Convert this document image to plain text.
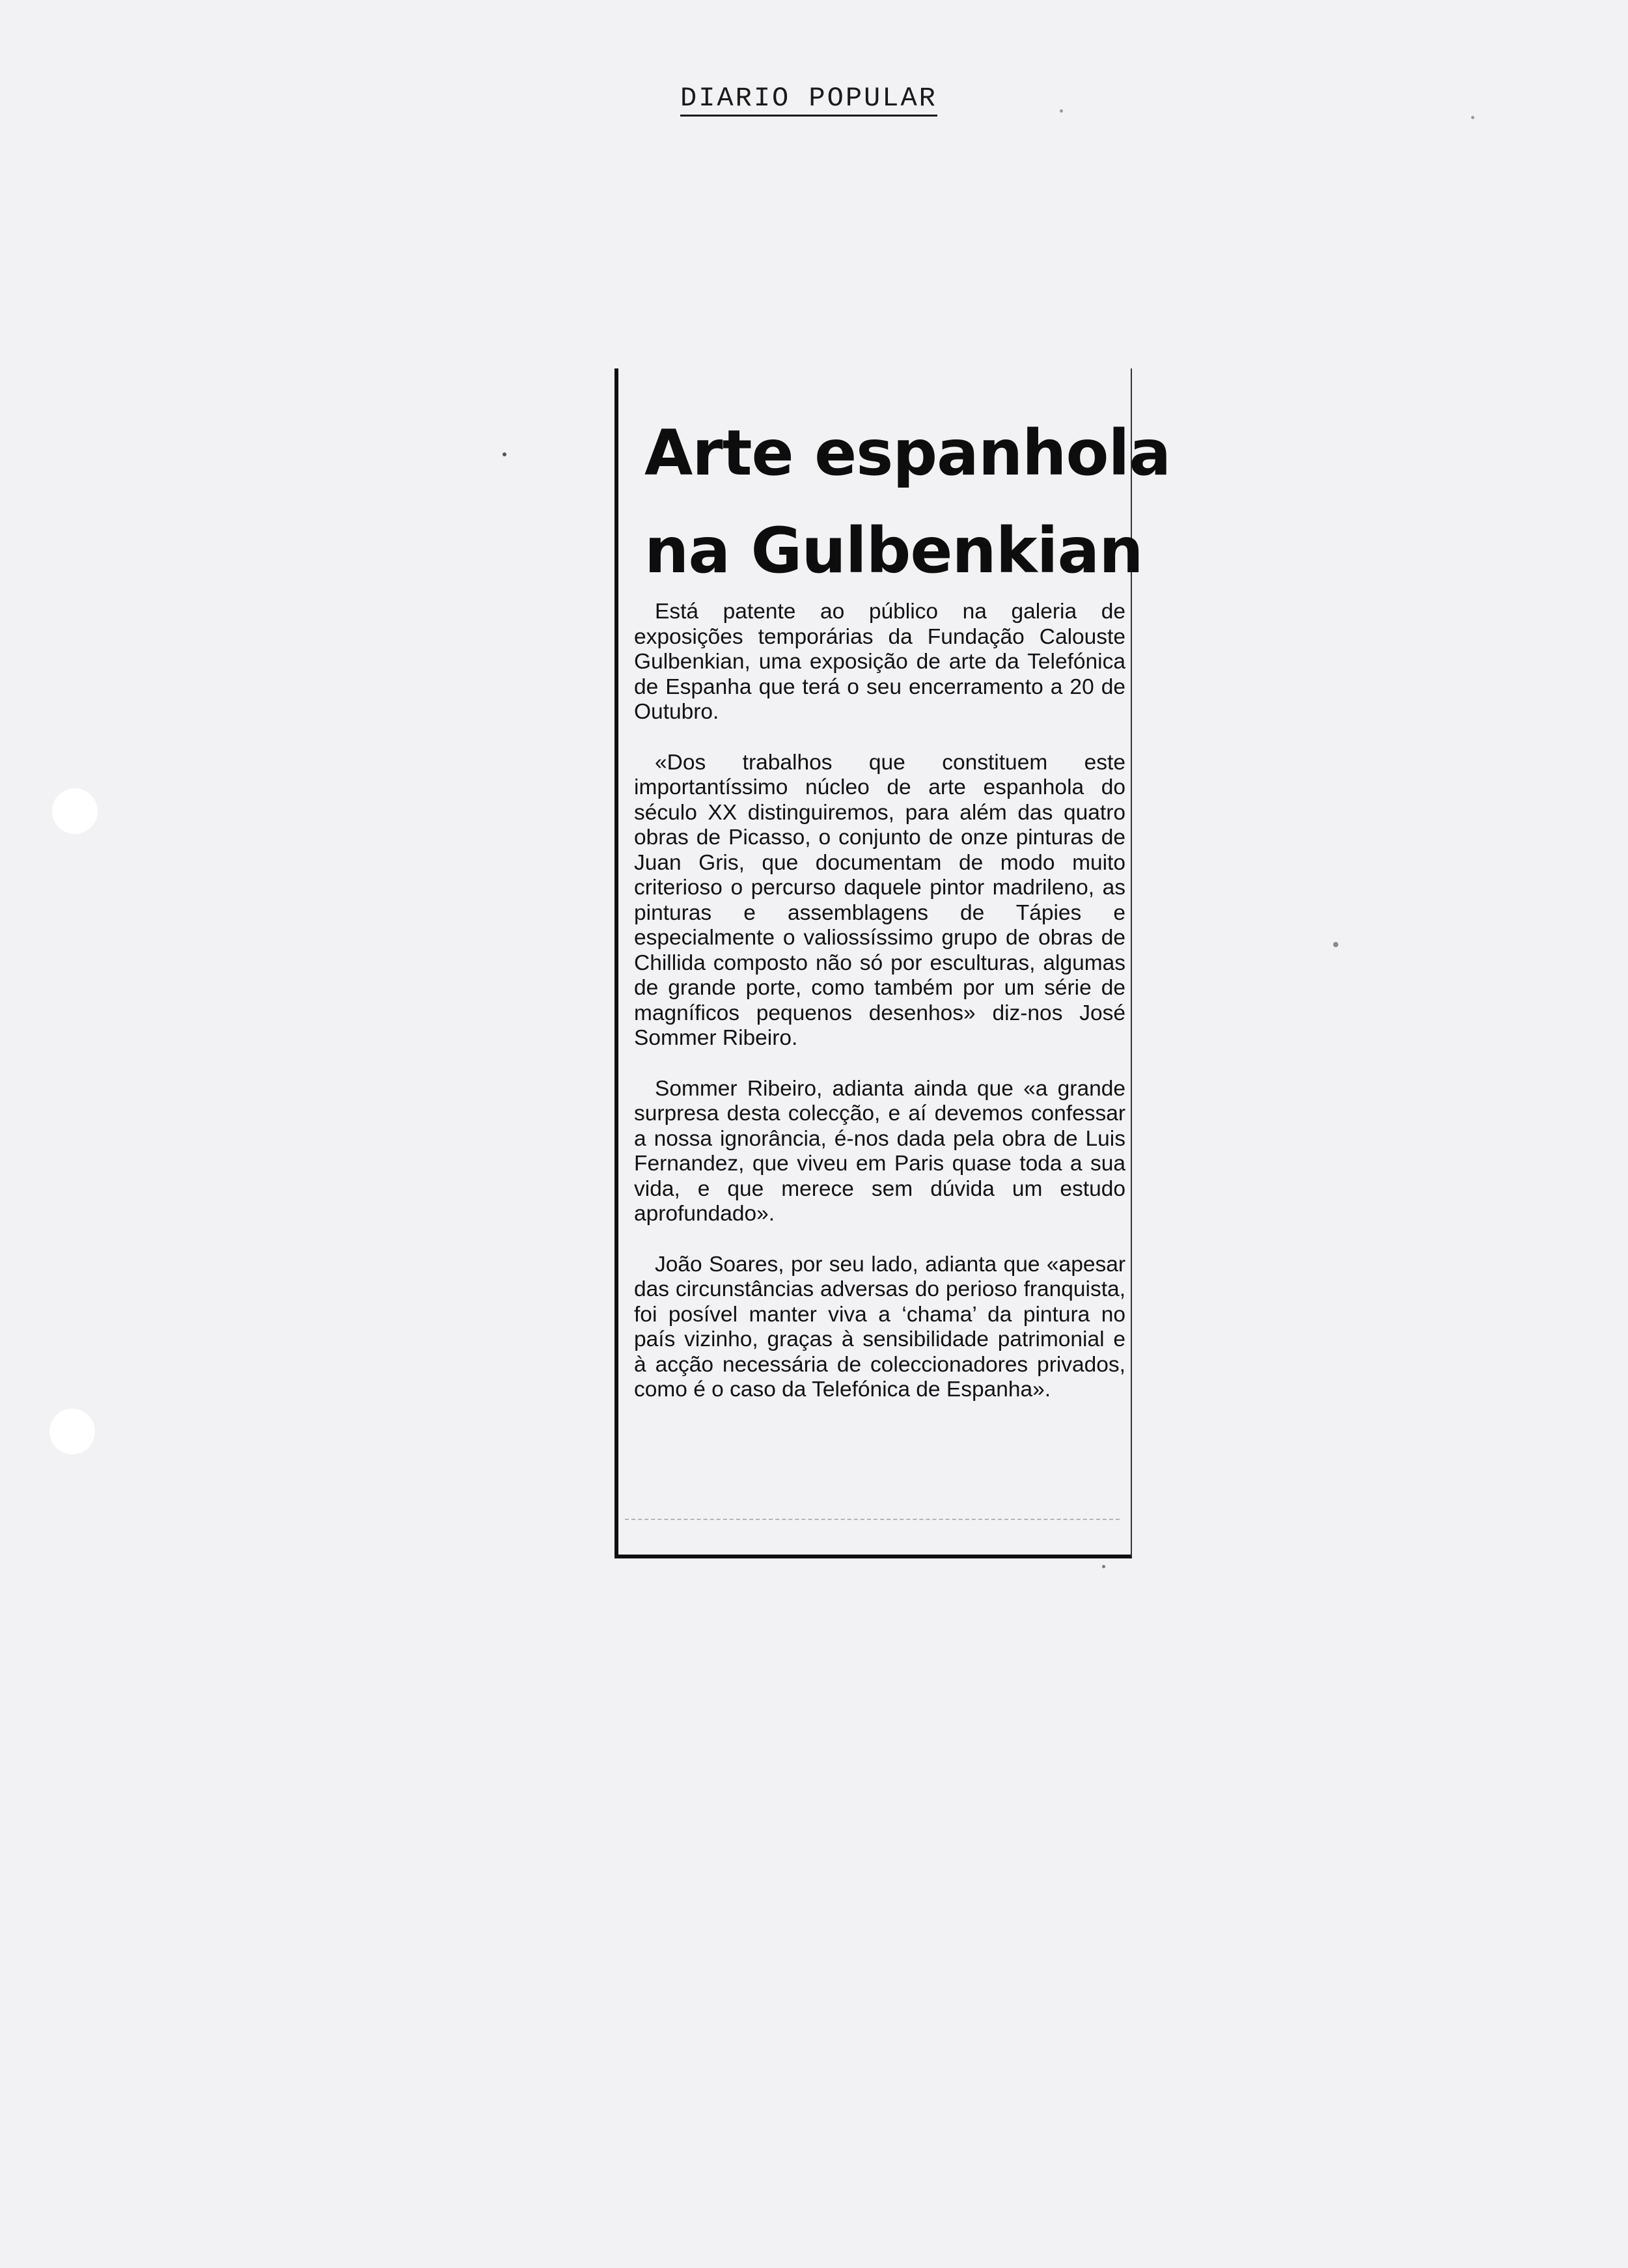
DIARIO POPULAR
Arte espanhola
na Gulbenkian

Está patente ao público na galeria de exposições temporárias da Fundação Calouste Gulbenkian, uma exposição de arte da Telefónica de Espanha que terá o seu encerramento a 20 de Outubro.

«Dos trabalhos que constituem este importantíssimo núcleo de arte espanhola do século XX distinguiremos, para além das quatro obras de Picasso, o conjunto de onze pinturas de Juan Gris, que documentam de modo muito criterioso o percurso daquele pintor madrileno, as pinturas e assemblagens de Tápies e especialmente o valiossíssimo grupo de obras de Chillida composto não só por esculturas, algumas de grande porte, como também por um série de magníficos pequenos desenhos» diz-nos José Sommer Ribeiro.

Sommer Ribeiro, adianta ainda que «a grande surpresa desta colecção, e aí devemos confessar a nossa ignorância, é-nos dada pela obra de Luis Fernandez, que viveu em Paris quase toda a sua vida, e que merece sem dúvida um estudo aprofundado».

João Soares, por seu lado, adianta que «apesar das circunstâncias adversas do perioso franquista, foi posível manter viva a ‘chama’ da pintura no país vizinho, graças à sensibilidade patrimonial e à acção necessária de coleccionadores privados, como é o caso da Telefónica de Espanha».
